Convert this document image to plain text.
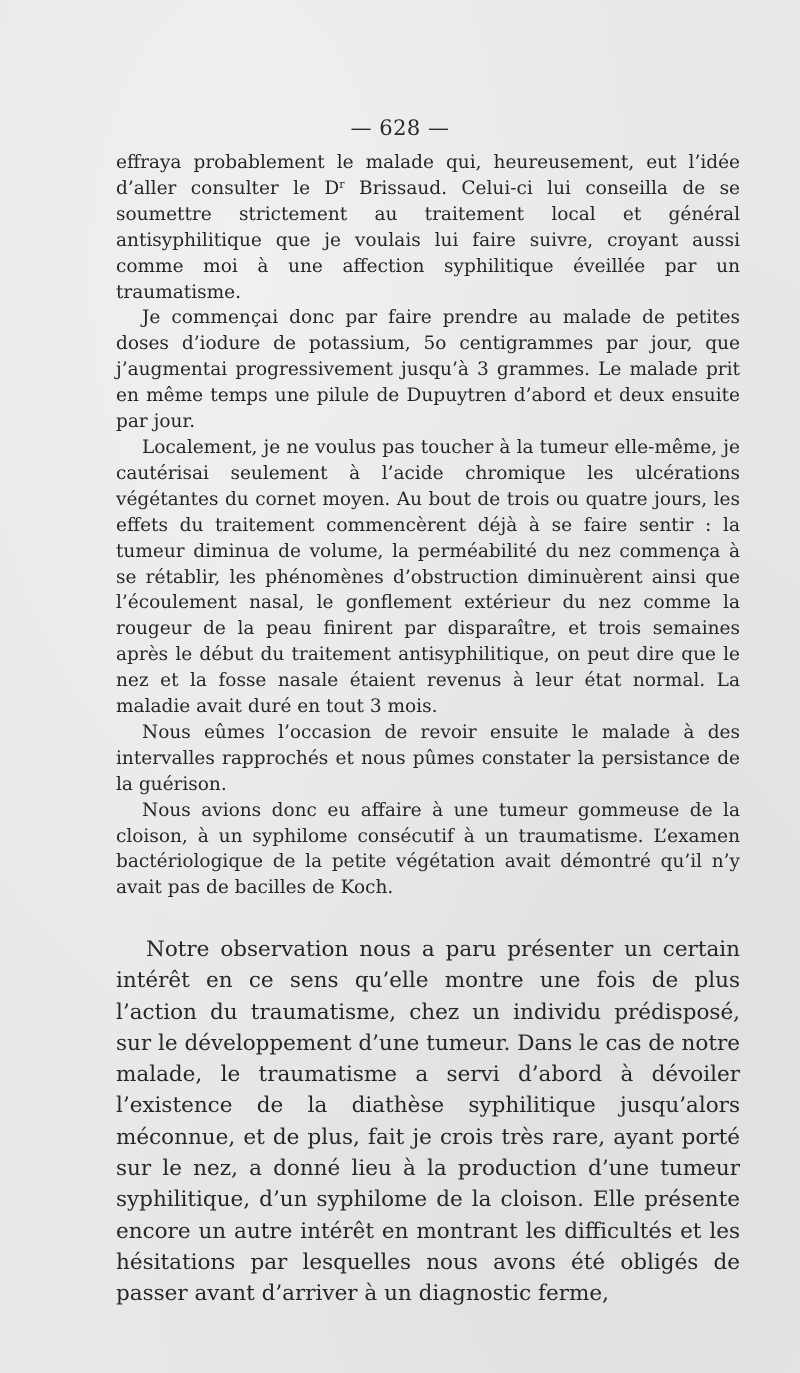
— 628 —

effraya probablement le malade qui, heureusement, eut l’idée d’aller consulter le $D^r$ Brissaud. Celui-ci lui conseilla de se soumettre strictement au traitement local et général antisyphilitique que je voulais lui faire suivre, croyant aussi comme moi à une affection syphilitique éveillée par un traumatisme.

Je commençai donc par faire prendre au malade de petites doses d’iodure de potassium, 5o centigrammes par jour, que j’augmentai progressivement jusqu’à 3 grammes. Le malade prit en même temps une pilule de Dupuytren d’abord et deux ensuite par jour.

Localement, je ne voulus pas toucher à la tumeur elle-même, je cautérisai seulement à l’acide chromique les ulcérations végétantes du cornet moyen. Au bout de trois ou quatre jours, les effets du traitement commencèrent déjà à se faire sentir : la tumeur diminua de volume, la perméabilité du nez commença à se rétablir, les phénomènes d’obstruction diminuèrent ainsi que l’écoulement nasal, le gonflement extérieur du nez comme la rougeur de la peau finirent par disparaître, et trois semaines après le début du traitement antisyphilitique, on peut dire que le nez et la fosse nasale étaient revenus à leur état normal. La maladie avait duré en tout 3 mois.

Nous eûmes l’occasion de revoir ensuite le malade à des intervalles rapprochés et nous pûmes constater la persistance de la guérison.

Nous avions donc eu affaire à une tumeur gommeuse de la cloison, à un syphilome consécutif à un traumatisme. L’examen bactériologique de la petite végétation avait démontré qu’il n’y avait pas de bacilles de Koch.

Notre observation nous a paru présenter un certain intérêt en ce sens qu’elle montre une fois de plus l’action du traumatisme, chez un individu prédisposé, sur le développement d’une tumeur. Dans le cas de notre malade, le traumatisme a servi d’abord à dévoiler l’existence de la diathèse syphilitique jusqu’alors méconnue, et de plus, fait je crois très rare, ayant porté sur le nez, a donné lieu à la production d’une tumeur syphilitique, d’un syphilome de la cloison. Elle présente encore un autre intérêt en montrant les difficultés et les hésitations par lesquelles nous avons été obligés de passer avant d’arriver à un diagnostic ferme,
